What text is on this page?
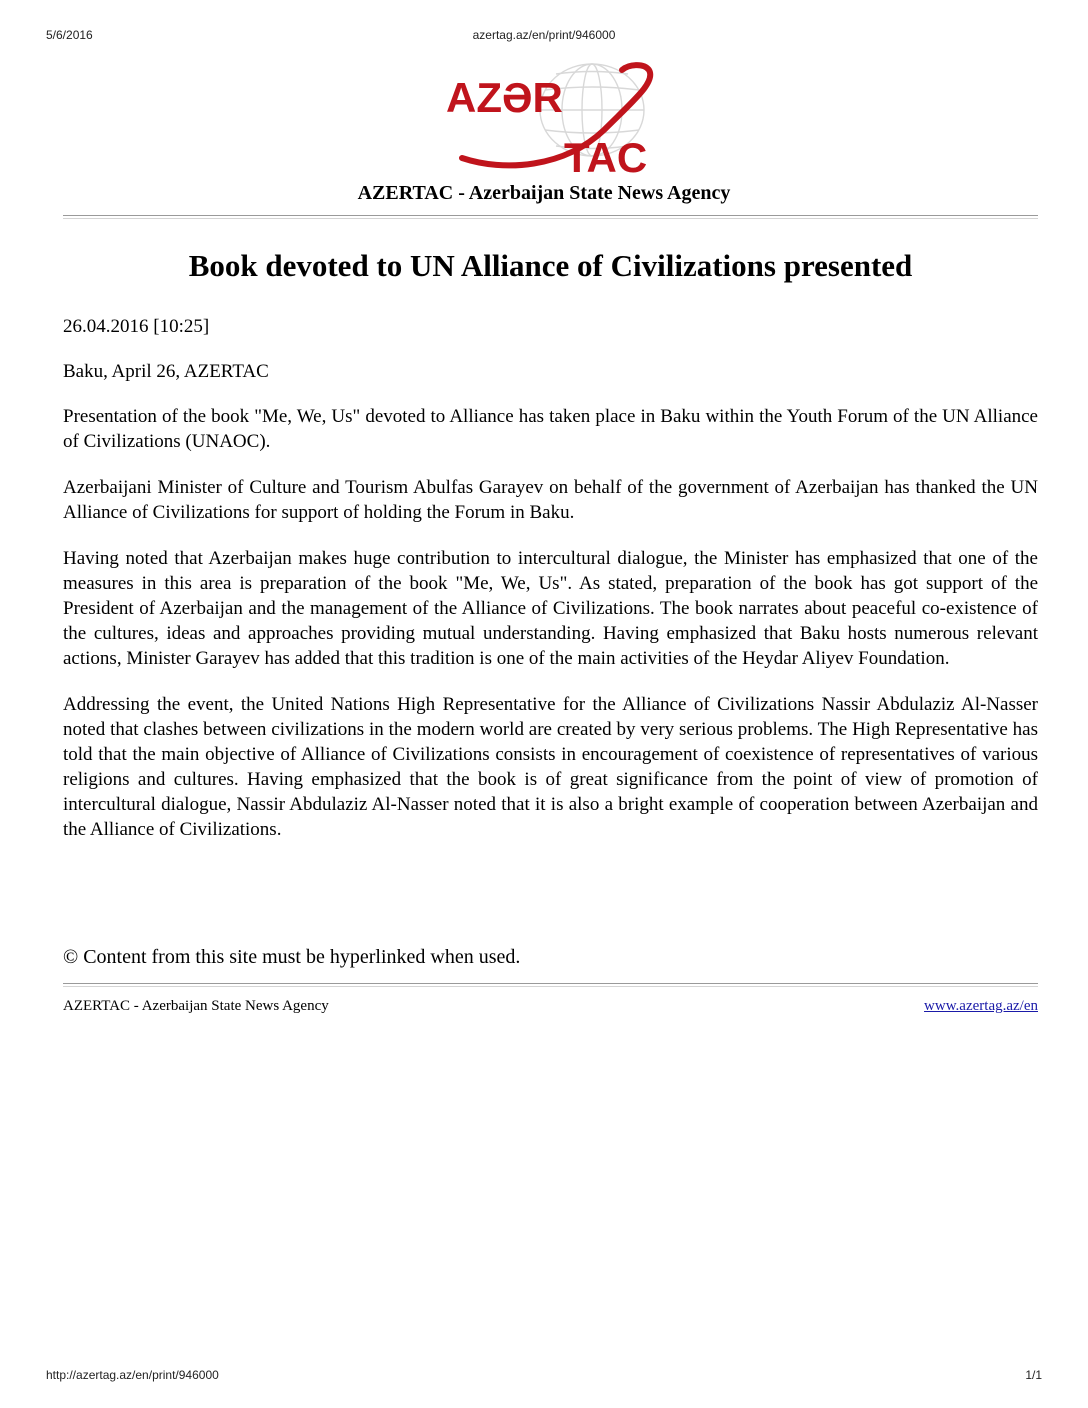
5/6/2016	azertag.az/en/print/946000
AZƏR
TAC
AZERTAC - Azerbaijan State News Agency
Book devoted to UN Alliance of Civilizations presented

26.04.2016 [10:25]

Baku, April 26, AZERTAC

Presentation of the book "Me, We, Us" devoted to Alliance has taken place in Baku within the Youth Forum of the UN Alliance of Civilizations (UNAOC).

Azerbaijani Minister of Culture and Tourism Abulfas Garayev on behalf of the government of Azerbaijan has thanked the UN Alliance of Civilizations for support of holding the Forum in Baku.

Having noted that Azerbaijan makes huge contribution to intercultural dialogue, the Minister has emphasized that one of the measures in this area is preparation of the book "Me, We, Us". As stated, preparation of the book has got support of the President of Azerbaijan and the management of the Alliance of Civilizations. The book narrates about peaceful co-existence of the cultures, ideas and approaches providing mutual understanding. Having emphasized that Baku hosts numerous relevant actions, Minister Garayev has added that this tradition is one of the main activities of the Heydar Aliyev Foundation.

Addressing the event, the United Nations High Representative for the Alliance of Civilizations Nassir Abdulaziz Al-Nasser noted that clashes between civilizations in the modern world are created by very serious problems. The High Representative has told that the main objective of Alliance of Civilizations consists in encouragement of coexistence of representatives of various religions and cultures. Having emphasized that the book is of great significance from the point of view of promotion of intercultural dialogue, Nassir Abdulaziz Al-Nasser noted that it is also a bright example of cooperation between Azerbaijan and the Alliance of Civilizations.

© Content from this site must be hyperlinked when used.
AZERTAC - Azerbaijan State News Agency	www.azertag.az/en
http://azertag.az/en/print/946000	1/1
